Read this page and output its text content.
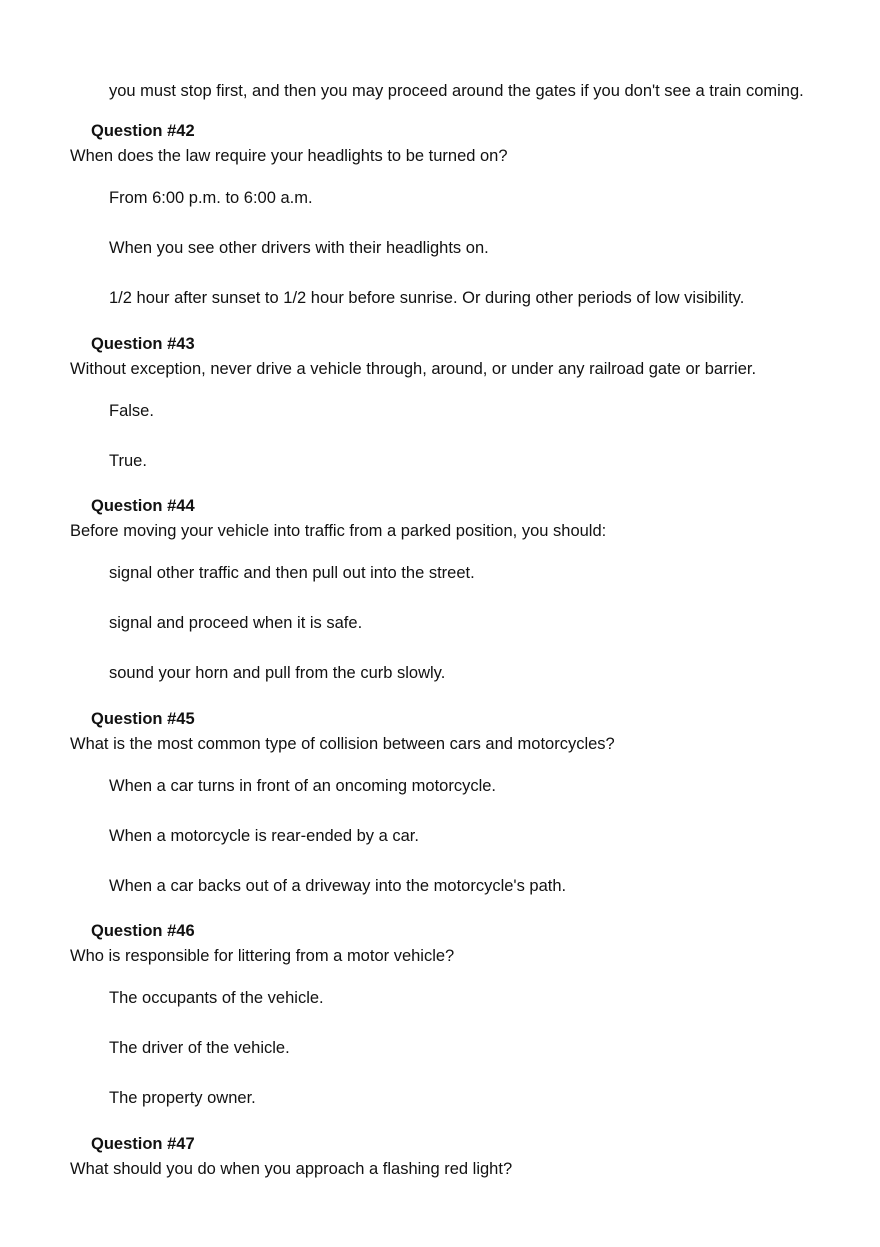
you must stop first, and then you may proceed around the gates if you don't see a train coming.
Question #42
When does the law require your headlights to be turned on?
From 6:00 p.m. to 6:00 a.m.
When you see other drivers with their headlights on.
1/2 hour after sunset to 1/2 hour before sunrise. Or during other periods of low visibility.
Question #43
Without exception, never drive a vehicle through, around, or under any railroad gate or barrier.
False.
True.
Question #44
Before moving your vehicle into traffic from a parked position, you should:
signal other traffic and then pull out into the street.
signal and proceed when it is safe.
sound your horn and pull from the curb slowly.
Question #45
What is the most common type of collision between cars and motorcycles?
When a car turns in front of an oncoming motorcycle.
When a motorcycle is rear-ended by a car.
When a car backs out of a driveway into the motorcycle's path.
Question #46
Who is responsible for littering from a motor vehicle?
The occupants of the vehicle.
The driver of the vehicle.
The property owner.
Question #47
What should you do when you approach a flashing red light?
